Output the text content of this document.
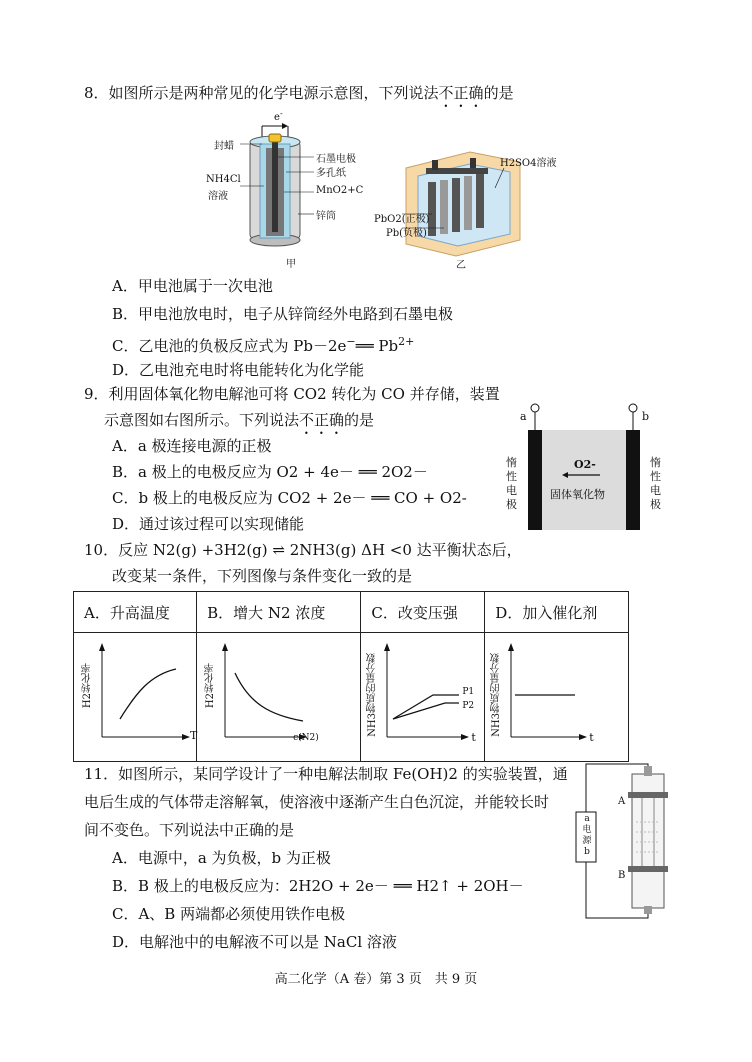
8．如图所示是两种常见的化学电源示意图，下列说法不正确的是
e -
封蜡
NH4Cl
溶液
石墨电极
多孔纸
MnO2+C
锌筒
甲
H2SO4溶液
PbO2(正极)
Pb(负极)
乙
A．甲电池属于一次电池
B．甲电池放电时，电子从锌筒经外电路到石墨电极
C．乙电池的负极反应式为 Pb－2e−══ $Pb^{2+}$
D．乙电池充电时将电能转化为化学能
9．利用固体氧化物电解池可将 CO2 转化为 CO 并存储，装置
示意图如右图所示。下列说法不正确的是
A．a 极连接电源的正极
B．a 极上的电极反应为 O2 + 4e－ ══ 2O2－
C．b 极上的电极反应为 CO2 + 2e－ ══ CO + O2-
D．通过该过程可以实现储能
a	b
惰
性
电
极
惰
性
电
极
O2-
固体氧化物
10．反应 N2(g) +3H2(g) ⇌ 2NH3(g) ΔH <0 达平衡状态后，
改变某一条件，下列图像与条件变化一致的是
A．升高温度	B．增大 N2 浓度	C．改变压强	D．加入催化剂

H2转化率
T	H2转化率
c(N2)	NH3物质的量分数
t
P1
P2	NH3物质的量分数
t
11．如图所示，某同学设计了一种电解法制取 Fe(OH)2 的实验装置，通
电后生成的气体带走溶解氧，使溶液中逐渐产生白色沉淀，并能较长时
间不变色。下列说法中正确的是
A．电源中，a 为负极，b 为正极
B．B 极上的电极反应为：2H2O + 2e－ ══ H2↑ + 2OH－
C．A、B 两端都必须使用铁作电极
D．电解池中的电解液不可以是 NaCl 溶液
a
电
源
b
A
B
高二化学（A 卷）第 3 页　共 9 页
